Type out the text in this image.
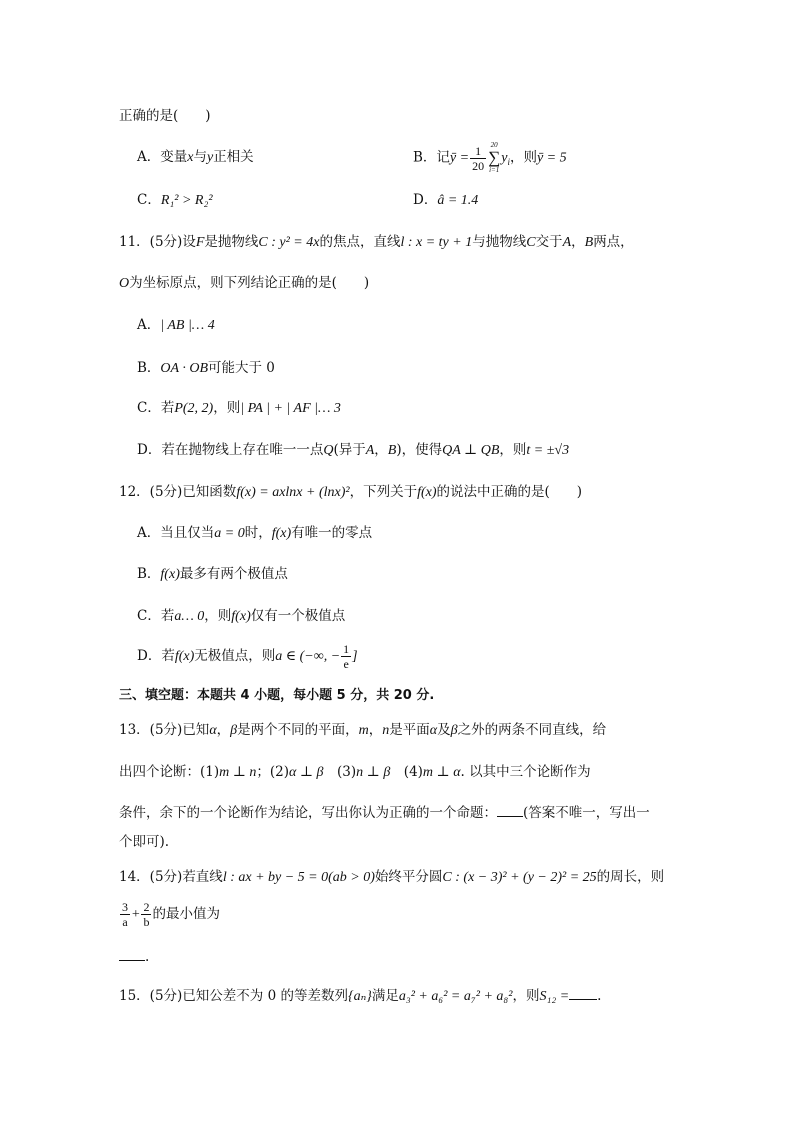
正确的是(　　)
A．变量x与y正相关	B．记ȳ = $\frac{1}{20} 20$
∑
i=1
$y_i$，则ȳ = 5
C．R₁² > R₂²	D．â = 1.4
11．(5分)设F是抛物线C : y² = 4x的焦点，直线l : x = ty + 1与抛物线C交于A，B两点，
O为坐标原点，则下列结论正确的是(　　)
A．| AB |… 4
B．OA · OB可能大于 0
C．若P(2, 2)，则| PA | + | AF |… 3
D．若在抛物线上存在唯一一点Q(异于A，B)，使得QA ⊥ QB，则t = ±√3
12．(5分)已知函数f(x) = axlnx + (lnx)²，下列关于f(x)的说法中正确的是(　　)
A．当且仅当a = 0时，f(x)有唯一的零点
B．f(x)最多有两个极值点
C．若a… 0，则f(x)仅有一个极值点
D．若f(x)无极值点，则a ∈ (−∞, − $\frac{1}{e}$ ]
三、填空题：本题共 4 小题，每小题 5 分，共 20 分.
13．(5分)已知α，β是两个不同的平面，m，n是平面α及β之外的两条不同直线，给
出四个论断：(1)m ⊥ n；(2)α ⊥ β　(3)n ⊥ β　(4)m ⊥ α. 以其中三个论断作为
条件，余下的一个论断作为结论，写出你认为正确的一个命题： (答案不唯一，写出一
个即可).
14．(5分)若直线l : ax + by − 5 = 0(ab > 0)始终平分圆C : (x − 3)² + (y − 2)² = 25的周长，则
$\frac{3}{a} + \frac{2}{b}$ 的最小值为
.
15．(5分)已知公差不为 0 的等差数列{aₙ}满足a₃² + a₆² = a₇² + a₈²，则S₁₂ = .
